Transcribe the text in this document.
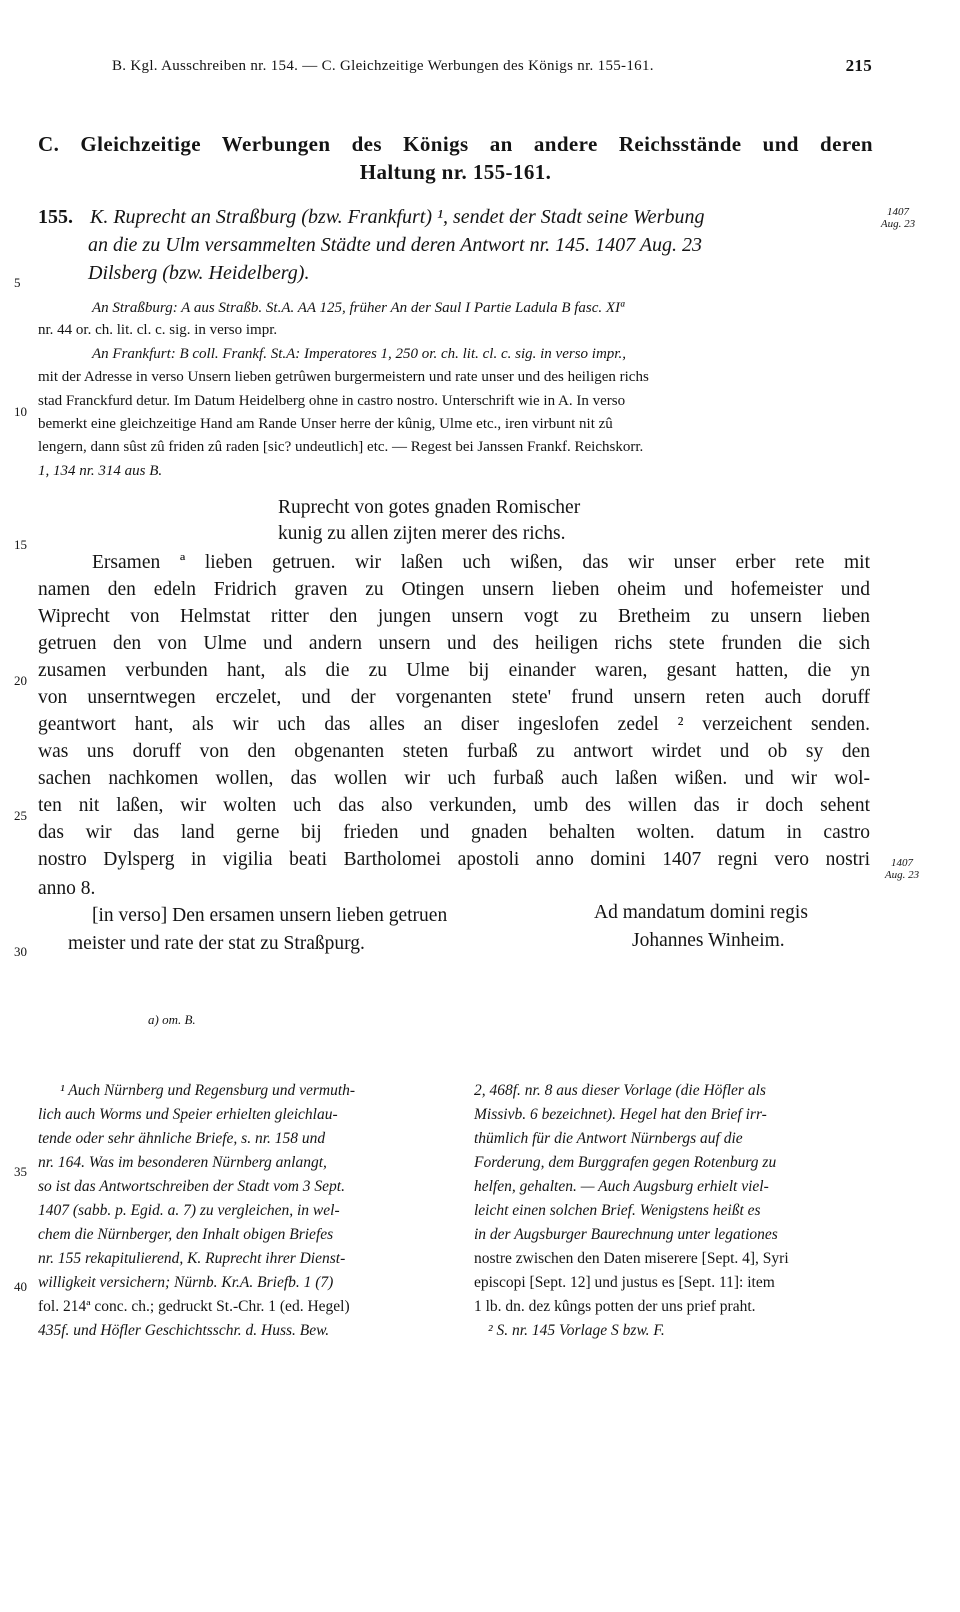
B. Kgl. Ausschreiben nr. 154. — C. Gleichzeitige Werbungen des Königs nr. 155-161.	215
C. Gleichzeitige Werbungen des Königs an andere Reichsstände und deren
Haltung nr. 155-161.
155. K. Ruprecht an Straßburg (bzw. Frankfurt) ¹, sendet der Stadt seine Werbung
an die zu Ulm versammelten Städte und deren Antwort nr. 145. 1407 Aug. 23
Dilsberg (bzw. Heidelberg).
1407
Aug. 23
1407
Aug. 23
5
10
15
20
25
30
35
40
An Straßburg: A aus Straßb. St.A. AA 125, früher An der Saul I Partie Ladula B fasc. XIª
nr. 44 or. ch. lit. cl. c. sig. in verso impr.
An Frankfurt: B coll. Frankf. St.A: Imperatores 1, 250 or. ch. lit. cl. c. sig. in verso impr.,
mit der Adresse in verso Unsern lieben getrûwen burgermeistern und rate unser und des heiligen richs
stad Franckfurd detur. Im Datum Heidelberg ohne in castro nostro. Unterschrift wie in A. In verso
bemerkt eine gleichzeitige Hand am Rande Unser herre der kûnig, Ulme etc., iren virbunt nit zû
lengern, dann sûst zû friden zû raden [sic? undeutlich] etc. — Regest bei Janssen Frankf. Reichskorr.
1, 134 nr. 314 aus B.
Ruprecht von gotes gnaden Romischer
kunig zu allen zijten merer des richs.
Ersamen ª lieben getruen. wir laßen uch wißen, das wir unser erber rete mit
namen den edeln Fridrich graven zu Otingen unsern lieben oheim und hofemeister und
Wiprecht von Helmstat ritter den jungen unsern vogt zu Bretheim zu unsern lieben
getruen den von Ulme und andern unsern und des heiligen richs stete frunden die sich
zusamen verbunden hant, als die zu Ulme bij einander waren, gesant hatten, die yn
von unserntwegen erczelet, und der vorgenanten stete' frund unsern reten auch doruff
geantwort hant, als wir uch das alles an diser ingeslofen zedel ² verzeichent senden.
was uns doruff von den obgenanten steten furbaß zu antwort wirdet und ob sy den
sachen nachkomen wollen, das wollen wir uch furbaß auch laßen wißen. und wir wol-
ten nit laßen, wir wolten uch das also verkunden, umb des willen das ir doch sehent
das wir das land gerne bij frieden und gnaden behalten wolten. datum in castro
nostro Dylsperg in vigilia beati Bartholomei apostoli anno domini 1407 regni vero nostri
anno 8.
[in verso] Den ersamen unsern lieben getruen
meister und rate der stat zu Straßpurg.
Ad mandatum domini regis
Johannes Winheim.
a) om. B.
¹ Auch Nürnberg und Regensburg und vermuth-
lich auch Worms und Speier erhielten gleichlau-
tende oder sehr ähnliche Briefe, s. nr. 158 und
nr. 164. Was im besonderen Nürnberg anlangt,
so ist das Antwortschreiben der Stadt vom 3 Sept.
1407 (sabb. p. Egid. a. 7) zu vergleichen, in wel-
chem die Nürnberger, den Inhalt obigen Briefes
nr. 155 rekapitulierend, K. Ruprecht ihrer Dienst-
willigkeit versichern; Nürnb. Kr.A. Briefb. 1 (7)
fol. 214ª conc. ch.; gedruckt St.-Chr. 1 (ed. Hegel)
435f. und Höfler Geschichtsschr. d. Huss. Bew.
2, 468f. nr. 8 aus dieser Vorlage (die Höfler als
Missivb. 6 bezeichnet). Hegel hat den Brief irr-
thümlich für die Antwort Nürnbergs auf die
Forderung, dem Burggrafen gegen Rotenburg zu
helfen, gehalten. — Auch Augsburg erhielt viel-
leicht einen solchen Brief. Wenigstens heißt es
in der Augsburger Baurechnung unter legationes
nostre zwischen den Daten miserere [Sept. 4], Syri
episcopi [Sept. 12] und justus es [Sept. 11]: item
1 lb. dn. dez kûngs potten der uns prief praht.
² S. nr. 145 Vorlage S bzw. F.
